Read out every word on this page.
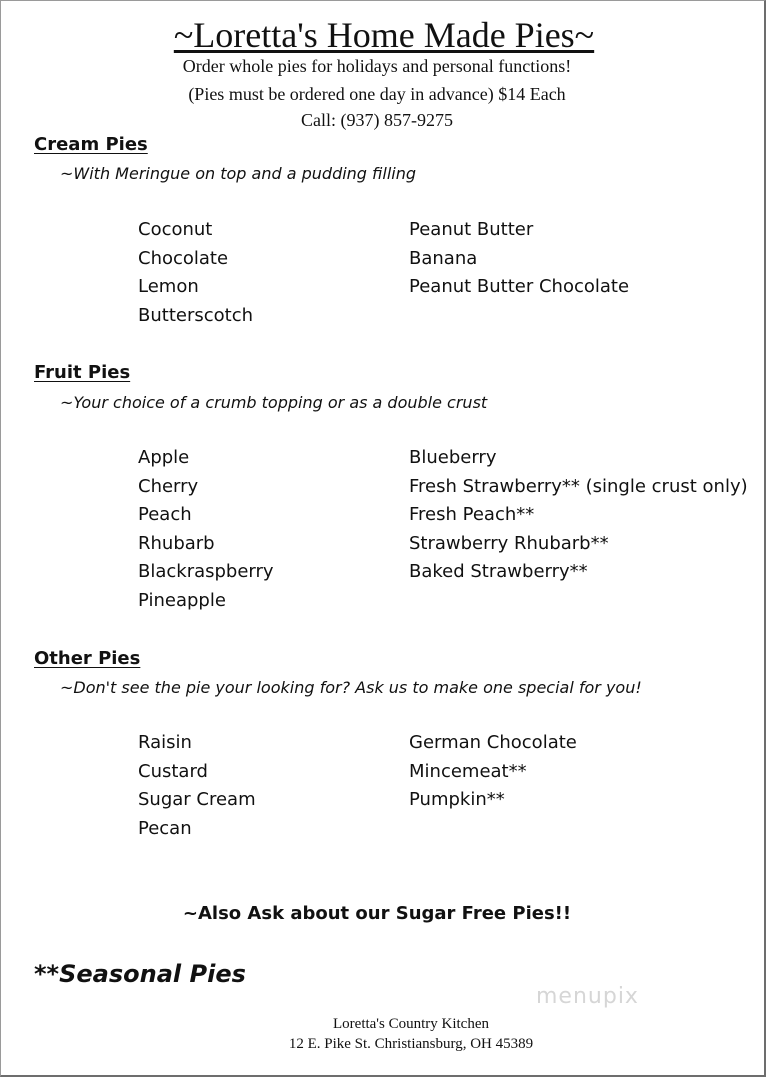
~Loretta's Home Made Pies~
Order whole pies for holidays and personal functions!
(Pies must be ordered one day in advance) $14 Each
Call: (937) 857-9275
Cream Pies
~With Meringue on top and a pudding filling
Coconut
Chocolate
Lemon
Butterscotch
Peanut Butter
Banana
Peanut Butter Chocolate
Fruit Pies
~Your choice of a crumb topping or as a double crust
Apple
Cherry
Peach
Rhubarb
Blackraspberry
Pineapple
Blueberry
Fresh Strawberry** (single crust only)
Fresh Peach**
Strawberry Rhubarb**
Baked Strawberry**
Other Pies
~Don't see the pie your looking for? Ask us to make one special for you!
Raisin
Custard
Sugar Cream
Pecan
German Chocolate
Mincemeat**
Pumpkin**
~Also Ask about our Sugar Free Pies!!
**Seasonal Pies
menupix
Loretta's Country Kitchen
12 E. Pike St. Christiansburg, OH 45389
